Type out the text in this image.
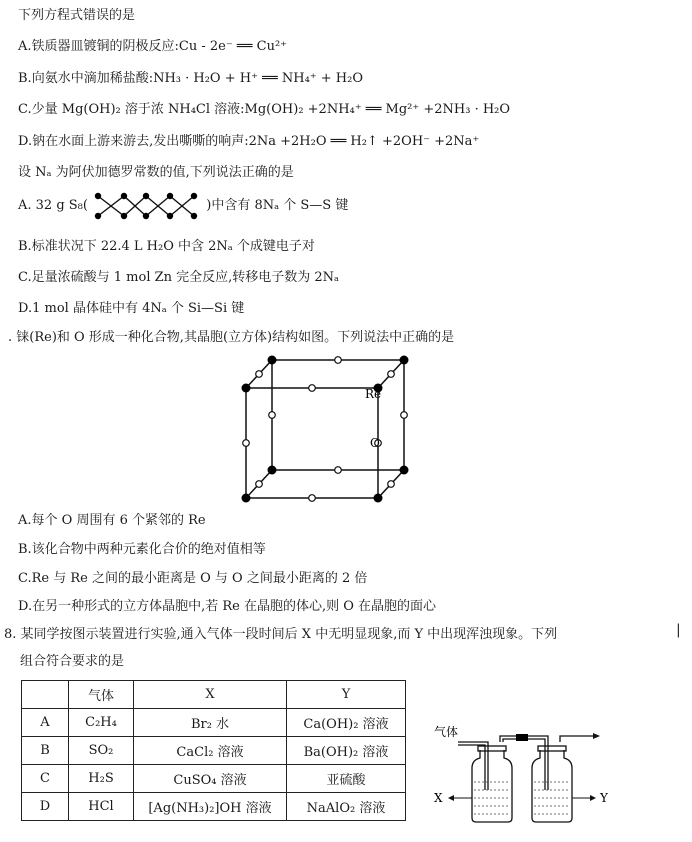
下列方程式错误的是
A.铁质器皿镀铜的阴极反应:Cu - 2e⁻ ══ Cu²⁺
B.向氨水中滴加稀盐酸:NH₃ · H₂O + H⁺ ══ NH₄⁺ + H₂O
C.少量 Mg(OH)₂ 溶于浓 NH₄Cl 溶液:Mg(OH)₂ +2NH₄⁺ ══ Mg²⁺ +2NH₃ · H₂O
D.钠在水面上游来游去,发出嘶嘶的响声:2Na +2H₂O ══ H₂↑ +2OH⁻ +2Na⁺
设 Nₐ 为阿伏加德罗常数的值,下列说法正确的是
A. 32 g S₈(	)中含有 8Nₐ 个 S—S 键
B.标准状况下 22.4 L H₂O 中含 2Nₐ 个成键电子对
C.足量浓硫酸与 1 mol Zn 完全反应,转移电子数为 2Nₐ
D.1 mol 晶体硅中有 4Nₐ 个 Si—Si 键
. 铼(Re)和 O 形成一种化合物,其晶胞(立方体)结构如图。下列说法中正确的是
Re
O
A.每个 O 周围有 6 个紧邻的 Re
B.该化合物中两种元素化合价的绝对值相等
C.Re 与 Re 之间的最小距离是 O 与 O 之间最小距离的 2 倍
D.在另一种形式的立方体晶胞中,若 Re 在晶胞的体心,则 O 在晶胞的面心
8. 某同学按图示装置进行实验,通入气体一段时间后 X 中无明显现象,而 Y 中出现浑浊现象。下列
组合符合要求的是
|
	气体	X	Y
A	C₂H₄	Br₂ 水	Ca(OH)₂ 溶液
B	SO₂	CaCl₂ 溶液	Ba(OH)₂ 溶液
C	H₂S	CuSO₄ 溶液	亚硫酸
D	HCl	[Ag(NH₃)₂]OH 溶液	NaAlO₂ 溶液
气体
X	Y
